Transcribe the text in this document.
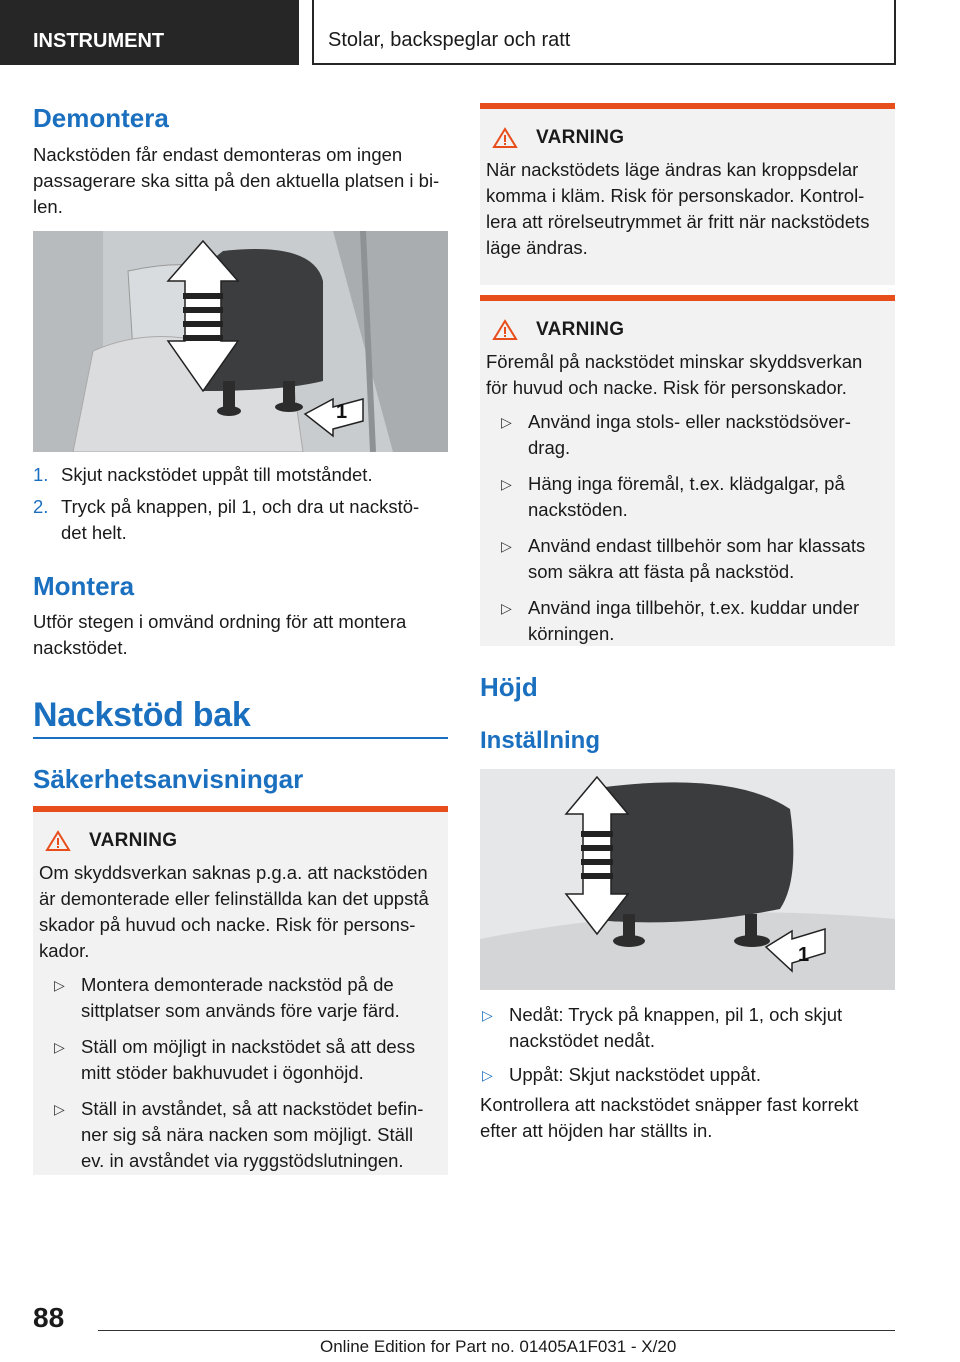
INSTRUMENT	Stolar, backspeglar och ratt
Demontera

Nackstöden får endast demonteras om ingen passagerare ska sitta på den aktuella platsen i bi- len.

1
1. Skjut nackstödet uppåt till motståndet.
2. Tryck på knappen, pil 1, och dra ut nackstö- det helt.
Montera

Utför stegen i omvänd ordning för att montera nackstödet.

Nackstöd bak
Säkerhetsanvisningar
VARNING

Om skyddsverkan saknas p.g.a. att nackstöden är demonterade eller felinställda kan det uppstå skador på huvud och nacke. Risk för persons- kador.

▷ Montera demonterade nackstöd på de sittplatser som används före varje färd.
▷ Ställ om möjligt in nackstödet så att dess mitt stöder bakhuvudet i ögonhöjd.
▷ Ställ in avståndet, så att nackstödet befin- ner sig så nära nacken som möjligt. Ställ ev. in avståndet via ryggstödslutningen.
VARNING

När nackstödets läge ändras kan kroppsdelar komma i kläm. Risk för personskador. Kontrol- lera att rörelseutrymmet är fritt när nackstödets läge ändras.

VARNING

Föremål på nackstödet minskar skyddsverkan för huvud och nacke. Risk för personskador.

▷ Använd inga stols- eller nackstödsöver- drag.
▷ Häng inga föremål, t.ex. klädgalgar, på nackstöden.
▷ Använd endast tillbehör som har klassats som säkra att fästa på nackstöd.
▷ Använd inga tillbehör, t.ex. kuddar under körningen.
Höjd
Inställning
1
▷ Nedåt: Tryck på knappen, pil 1, och skjut nackstödet nedåt.
▷ Uppåt: Skjut nackstödet uppåt.

Kontrollera att nackstödet snäpper fast korrekt efter att höjden har ställts in.

88
Online Edition for Part no. 01405A1F031 - X/20
